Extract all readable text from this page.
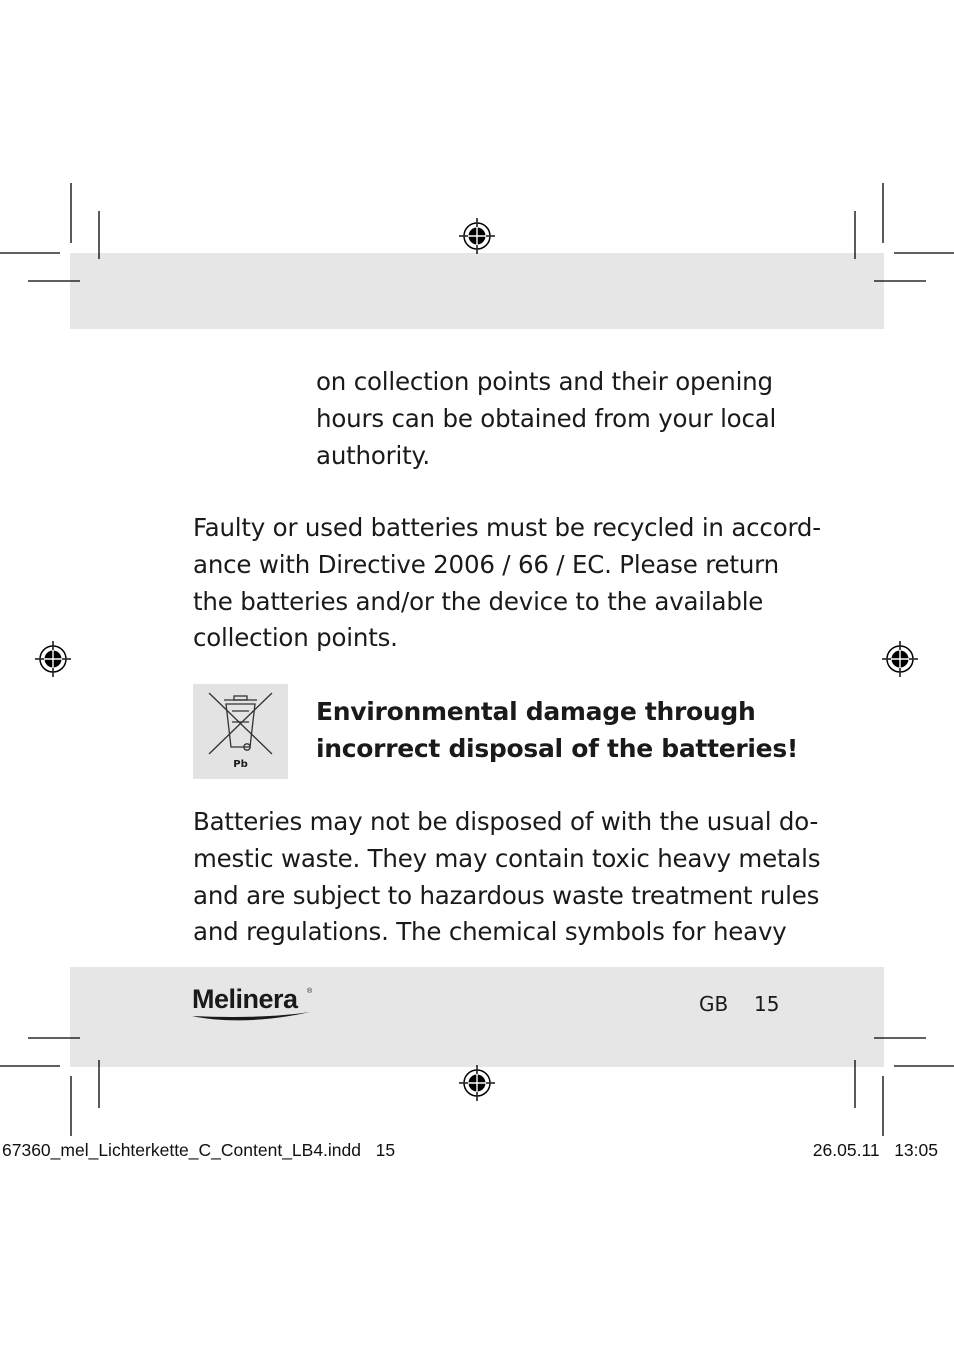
on collection points and their opening
hours can be obtained from your local
authority.

Faulty or used batteries must be recycled in accord-
ance with Directive 2006 / 66 / EC. Please return
the batteries and/or the device to the available
collection points.

Pb
Environmental damage through
incorrect disposal of the batteries!

Batteries may not be disposed of with the usual do-
mestic waste. They may contain toxic heavy metals
and are subject to hazardous waste treatment rules
and regulations. The chemical symbols for heavy

Melinera ®
GB 15
67360_mel_Lichterkette_C_Content_LB4.indd   15	26.05.11   13:05
